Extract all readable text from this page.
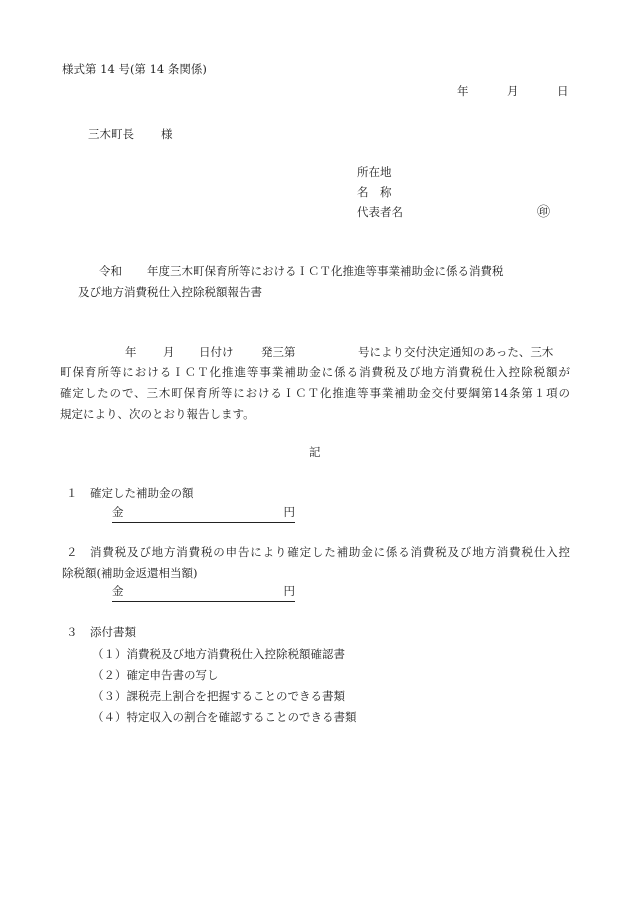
様式第 14 号(第 14 条関係)
年	月	日
三木町長 様
所在地
名　称
代表者名	㊞
令和 年度三木町保育所等におけるＩＣＴ化推進等事業補助金に係る消費税
及び地方消費税仕入控除税額報告書
年 月 日付け 発三第	号により交付決定通知のあった、三木
町保育所等におけるＩＣＴ化推進等事業補助金に係る消費税及び地方消費税仕入控除税額が
確定したので、三木町保育所等におけるＩＣＴ化推進等事業補助金交付要綱第14条第１項の
規定により、次のとおり報告します。
記
１ 確定した補助金の額
金	円
２ 消費税及び地方消費税の申告により確定した補助金に係る消費税及び地方消費税仕入控
除税額(補助金返還相当額)
金	円
３ 添付書類
（１）消費税及び地方消費税仕入控除税額確認書
（２）確定申告書の写し
（３）課税売上割合を把握することのできる書類
（４）特定収入の割合を確認することのできる書類
